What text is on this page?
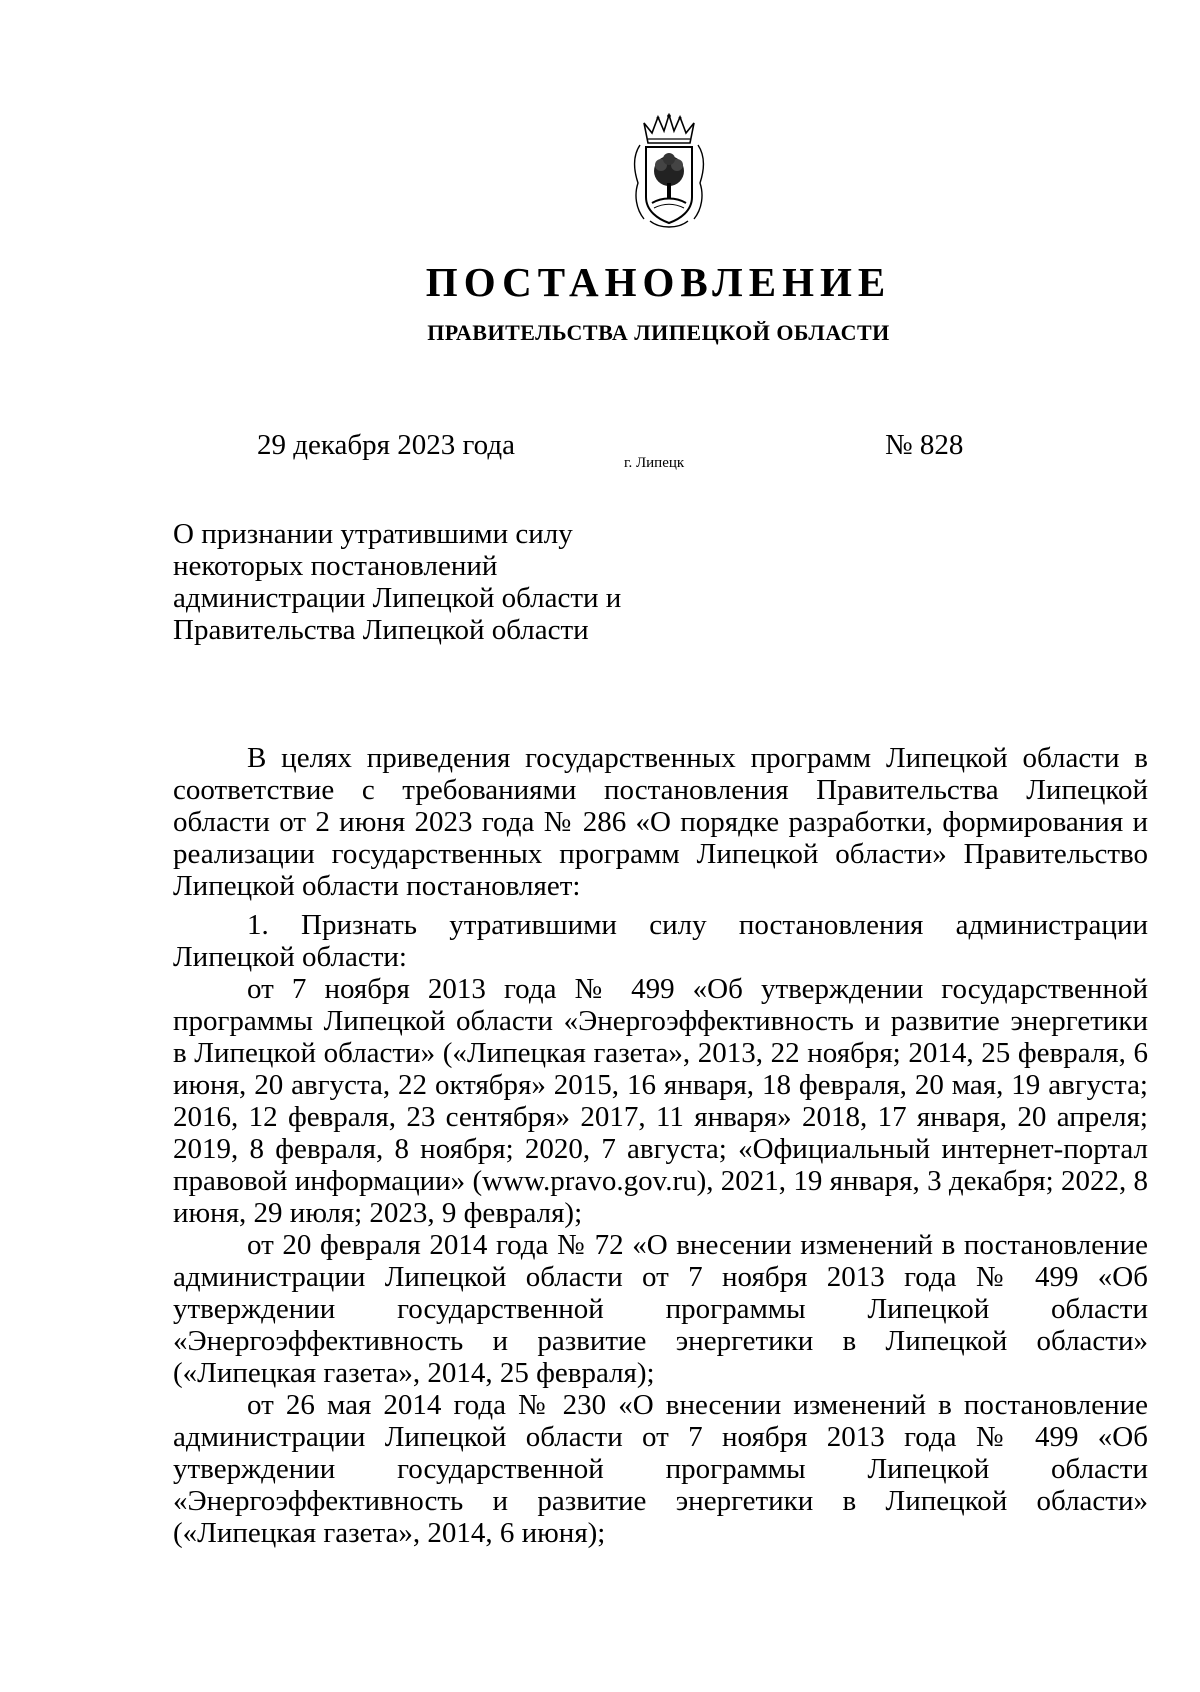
ПОСТАНОВЛЕНИЕ
ПРАВИТЕЛЬСТВА ЛИПЕЦКОЙ ОБЛАСТИ
29 декабря 2023 года
г. Липецк
№ 828
О признании утратившими силу
некоторых постановлений
администрации Липецкой области и
Правительства Липецкой области

В целях приведения государственных программ Липецкой области в соответствие с требованиями постановления Правительства Липецкой области от 2 июня 2023 года № 286 «О порядке разработки, формирования и реализации государственных программ Липецкой области» Правительство Липецкой области постановляет:

1. Признать утратившими силу постановления администрации Липецкой области:

от 7 ноября 2013 года № 499 «Об утверждении государственной программы Липецкой области «Энергоэффективность и развитие энергетики в Липецкой области» («Липецкая газета», 2013, 22 ноября; 2014, 25 февраля, 6 июня, 20 августа, 22 октября» 2015, 16 января, 18 февраля, 20 мая, 19 августа; 2016, 12 февраля, 23 сентября» 2017, 11 января» 2018, 17 января, 20 апреля; 2019, 8 февраля, 8 ноября; 2020, 7 августа; «Официальный интернет-портал правовой информации» (www.pravo.gov.ru), 2021, 19 января, 3 декабря; 2022, 8 июня, 29 июля; 2023, 9 февраля);

от 20 февраля 2014 года № 72 «О внесении изменений в постановление администрации Липецкой области от 7 ноября 2013 года № 499 «Об утверждении государственной программы Липецкой области «Энергоэффективность и развитие энергетики в Липецкой области» («Липецкая газета», 2014, 25 февраля);

от 26 мая 2014 года № 230 «О внесении изменений в постановление администрации Липецкой области от 7 ноября 2013 года № 499 «Об утверждении государственной программы Липецкой области «Энергоэффективность и развитие энергетики в Липецкой области» («Липецкая газета», 2014, 6 июня);
